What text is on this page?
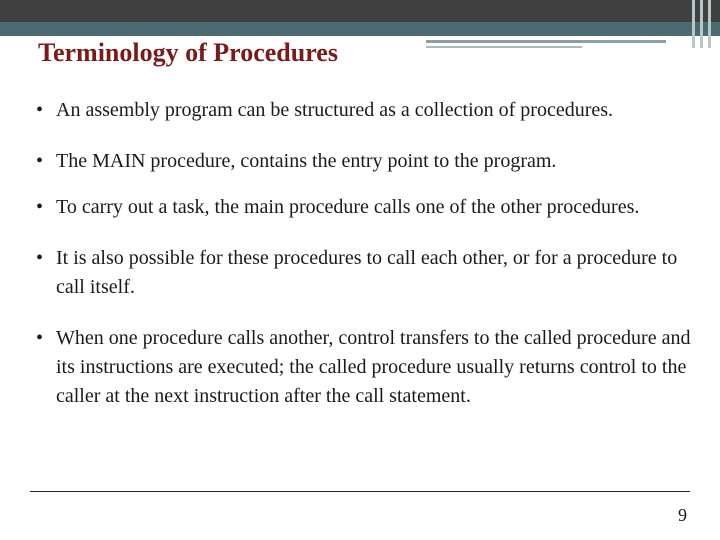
Terminology of Procedures
• An assembly program can be structured as a collection of procedures.
• The MAIN procedure, contains the entry point to the program.
• To carry out a task, the main procedure calls one of the other procedures.
• It is also possible for these procedures to call each other, or for a procedure to call itself.
• When one procedure calls another, control transfers to the called procedure and its instructions are executed; the called procedure usually returns control to the caller at the next instruction after the call statement.
9
